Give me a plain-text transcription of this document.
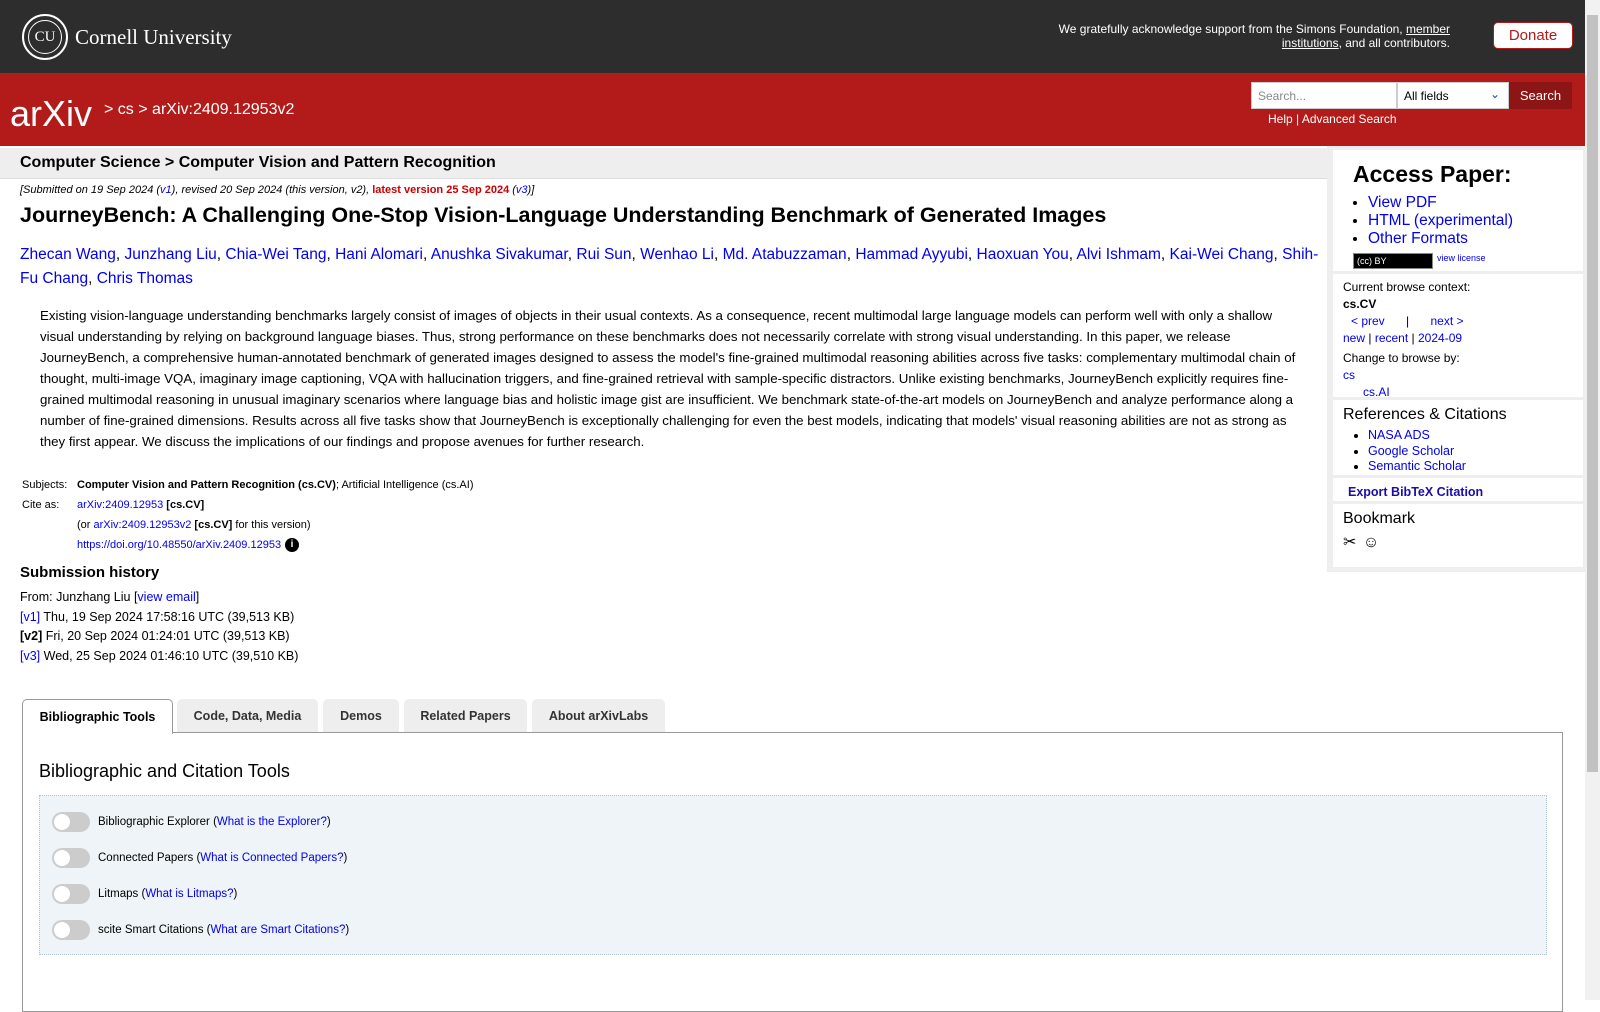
CU Cornell University	We gratefully acknowledge support from the Simons Foundation, member institutions, and all contributors.	Donate
arXiv > cs > arXiv:2409.12953v2
Search...	All fields	⌄	Search
Help | Advanced Search
Computer Science > Computer Vision and Pattern Recognition
[Submitted on 19 Sep 2024 (v1), revised 20 Sep 2024 (this version, v2), latest version 25 Sep 2024 (v3)]
JourneyBench: A Challenging One-Stop Vision-Language Understanding Benchmark of Generated Images
Zhecan Wang, Junzhang Liu, Chia-Wei Tang, Hani Alomari, Anushka Sivakumar, Rui Sun, Wenhao Li, Md. Atabuzzaman, Hammad Ayyubi, Haoxuan You, Alvi Ishmam, Kai-Wei Chang, Shih-Fu Chang, Chris Thomas
Existing vision-language understanding benchmarks largely consist of images of objects in their usual contexts. As a consequence, recent multimodal large language models can perform well with only a shallow visual understanding by relying on background language biases. Thus, strong performance on these benchmarks does not necessarily correlate with strong visual understanding. In this paper, we release JourneyBench, a comprehensive human-annotated benchmark of generated images designed to assess the model's fine-grained multimodal reasoning abilities across five tasks: complementary multimodal chain of thought, multi-image VQA, imaginary image captioning, VQA with hallucination triggers, and fine-grained retrieval with sample-specific distractors. Unlike existing benchmarks, JourneyBench explicitly requires fine-grained multimodal reasoning in unusual imaginary scenarios where language bias and holistic image gist are insufficient. We benchmark state-of-the-art models on JourneyBench and analyze performance along a number of fine-grained dimensions. Results across all five tasks show that JourneyBench is exceptionally challenging for even the best models, indicating that models' visual reasoning abilities are not as strong as they first appear. We discuss the implications of our findings and propose avenues for further research.
Subjects:	Computer Vision and Pattern Recognition (cs.CV); Artificial Intelligence (cs.AI)
Cite as:	arXiv:2409.12953 [cs.CV]
	(or arXiv:2409.12953v2 [cs.CV] for this version)
	https://doi.org/10.48550/arXiv.2409.12953 i
Submission history
From: Junzhang Liu [view email]
[v1] Thu, 19 Sep 2024 17:58:16 UTC (39,513 KB)
[v2] Fri, 20 Sep 2024 01:24:01 UTC (39,513 KB)
[v3] Wed, 25 Sep 2024 01:46:10 UTC (39,510 KB)
Bibliographic Tools	Code, Data, Media	Demos	Related Papers	About arXivLabs
Bibliographic and Citation Tools
Bibliographic Explorer ( What is the Explorer? )
Connected Papers ( What is Connected Papers? )
Litmaps ( What is Litmaps? )
scite Smart Citations ( What are Smart Citations? )
Access Paper:
• View PDF
• HTML (experimental)
• Other Formats
(cc) BY	$^{view license}$
Current browse context:
cs.CV
< prev | next >
new | recent | 2024-09
Change to browse by:
cs
cs.AI
References & Citations
• NASA ADS
• Google Scholar
• Semantic Scholar
Export BibTeX Citation
Bookmark
✂ ☺
